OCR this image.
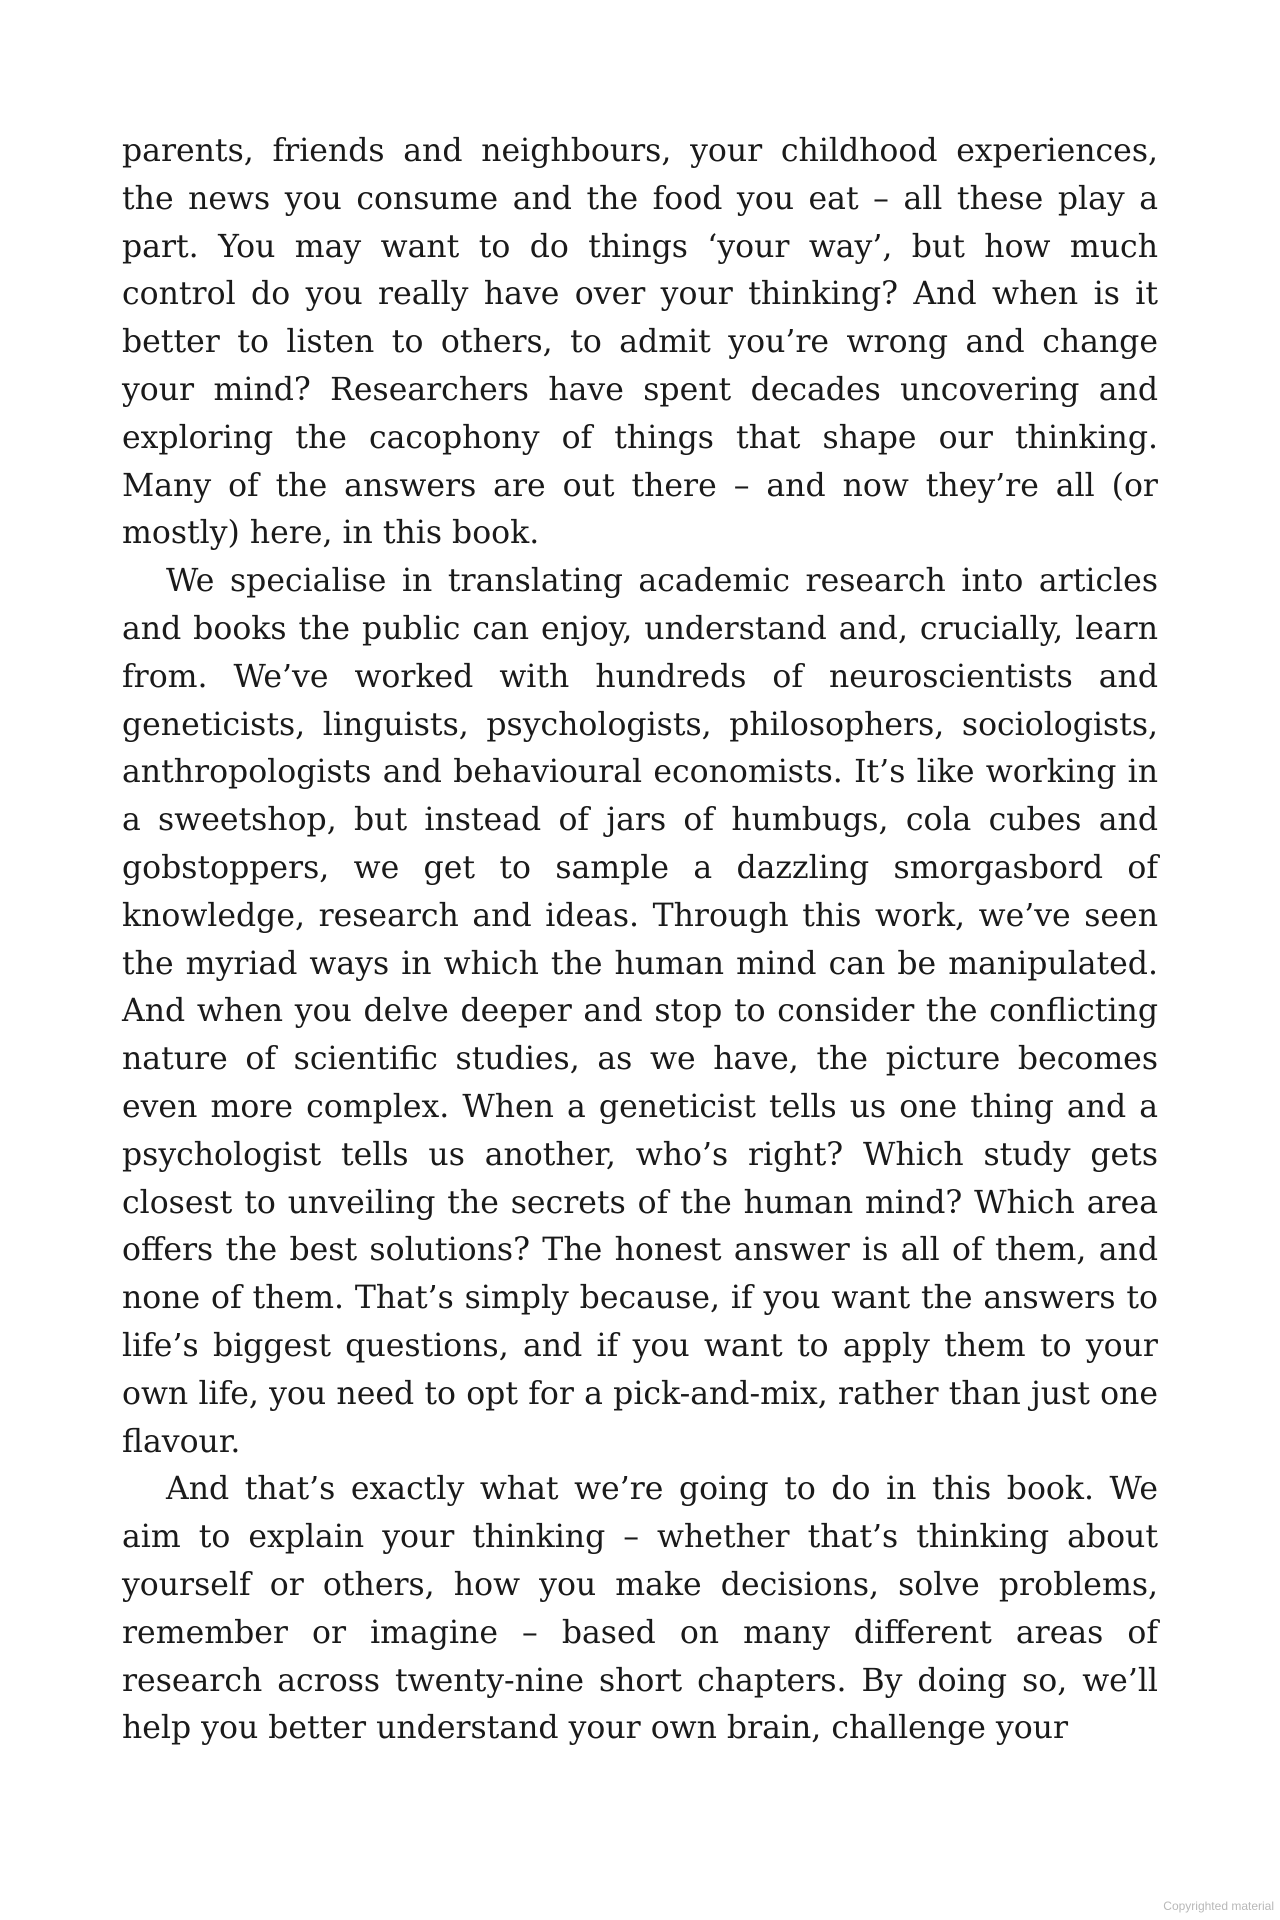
parents, friends and neighbours, your childhood experiences, the news you consume and the food you eat – all these play a part. You may want to do things ‘your way’, but how much control do you really have over your thinking? And when is it better to listen to others, to admit you’re wrong and change your mind? Researchers have spent decades uncovering and exploring the cacophony of things that shape our thinking. Many of the answers are out there – and now they’re all (or mostly) here, in this book.

We specialise in translating academic research into articles and books the public can enjoy, understand and, crucially, learn from. We’ve worked with hundreds of neuroscientists and geneticists, linguists, psychologists, philosophers, sociologists, anthropologists and behavioural economists. It’s like working in a sweetshop, but instead of jars of humbugs, cola cubes and gobstoppers, we get to sample a dazzling smorgasbord of knowledge, research and ideas. Through this work, we’ve seen the myriad ways in which the human mind can be manipulated. And when you delve deeper and stop to consider the conflicting nature of scientific studies, as we have, the picture becomes even more complex. When a geneticist tells us one thing and a psychologist tells us another, who’s right? Which study gets closest to unveiling the secrets of the human mind? Which area offers the best solutions? The honest answer is all of them, and none of them. That’s simply because, if you want the answers to life’s biggest questions, and if you want to apply them to your own life, you need to opt for a pick-and-mix, rather than just one flavour.

And that’s exactly what we’re going to do in this book. We aim to explain your thinking – whether that’s thinking about yourself or others, how you make decisions, solve problems, remember or imagine – based on many different areas of research across twenty-nine short chapters. By doing so, we’ll help you better understand your own brain, challenge your

Copyrighted material
